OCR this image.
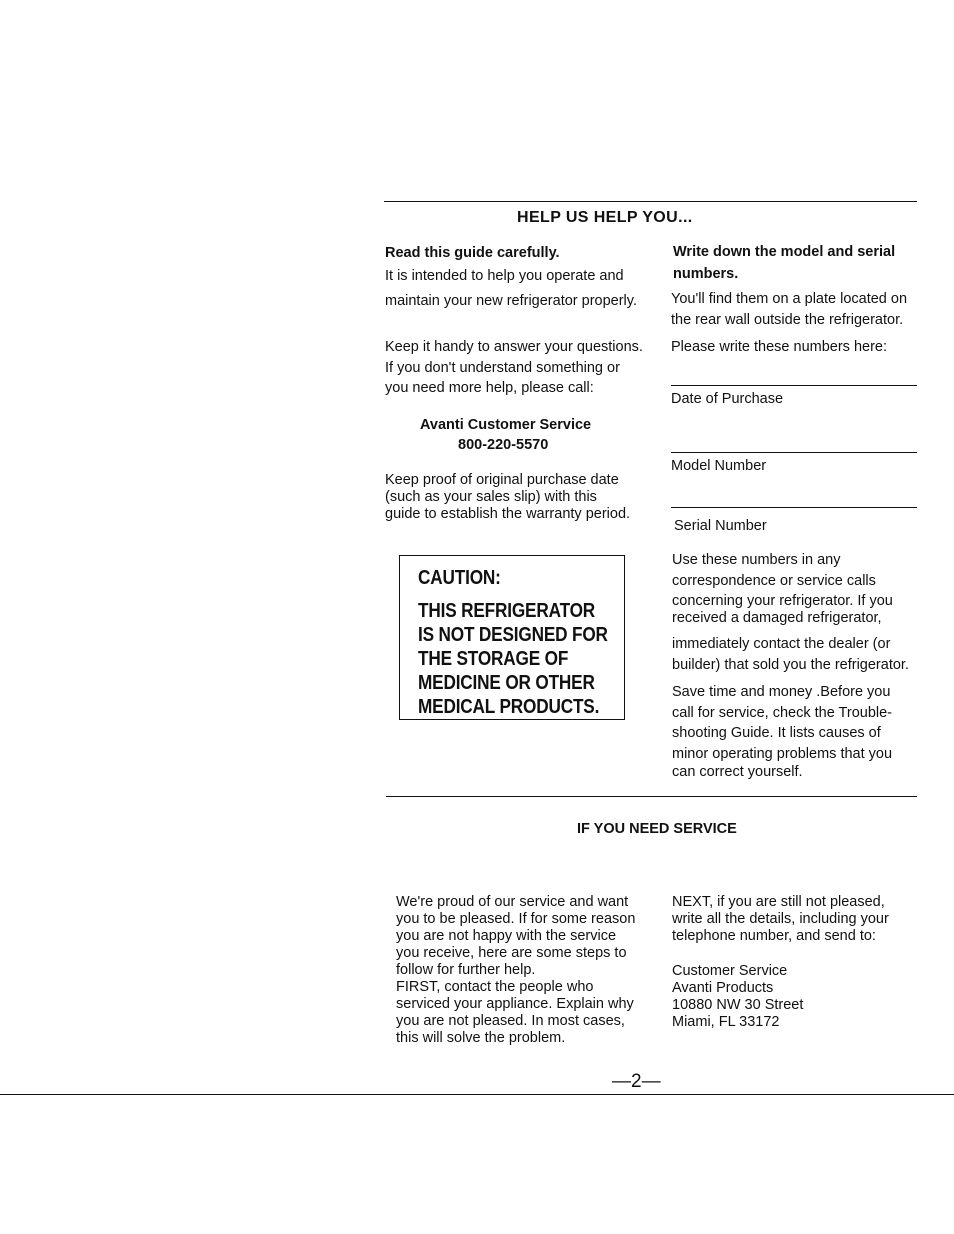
HELP US HELP YOU...
Read this guide carefully.
It is intended to help you operate and
maintain your new refrigerator properly.
Keep it handy to answer your questions.
If you don't understand something or
you need more help, please call:
Avanti Customer Service
800-220-5570
Keep proof of original purchase date
(such as your sales slip) with this
guide to establish the warranty period.
CAUTION:
THIS REFRIGERATOR
IS NOT DESIGNED FOR
THE STORAGE OF
MEDICINE OR OTHER
MEDICAL PRODUCTS.
Write down the model and serial
numbers.
You'll find them on a plate located on
the rear wall outside the refrigerator.
Please write these numbers here:
Date of Purchase
Model Number
Serial Number
Use these numbers in any
correspondence or service calls
concerning your refrigerator. If you
received a damaged refrigerator,
immediately contact the dealer (or
builder) that sold you the refrigerator.
Save time and money .Before you
call for service, check the Trouble-
shooting Guide. It lists causes of
minor operating problems that you
can correct yourself.
IF YOU NEED SERVICE
We're proud of our service and want
you to be pleased. If for some reason
you are not happy with the service
you receive, here are some steps to
follow for further help.
FIRST, contact the people who
serviced your appliance. Explain why
you are not pleased. In most cases,
this will solve the problem.
NEXT, if you are still not pleased,
write all the details, including your
telephone number, and send to:
Customer Service
Avanti Products
10880 NW 30 Street
Miami, FL 33172
—2—
